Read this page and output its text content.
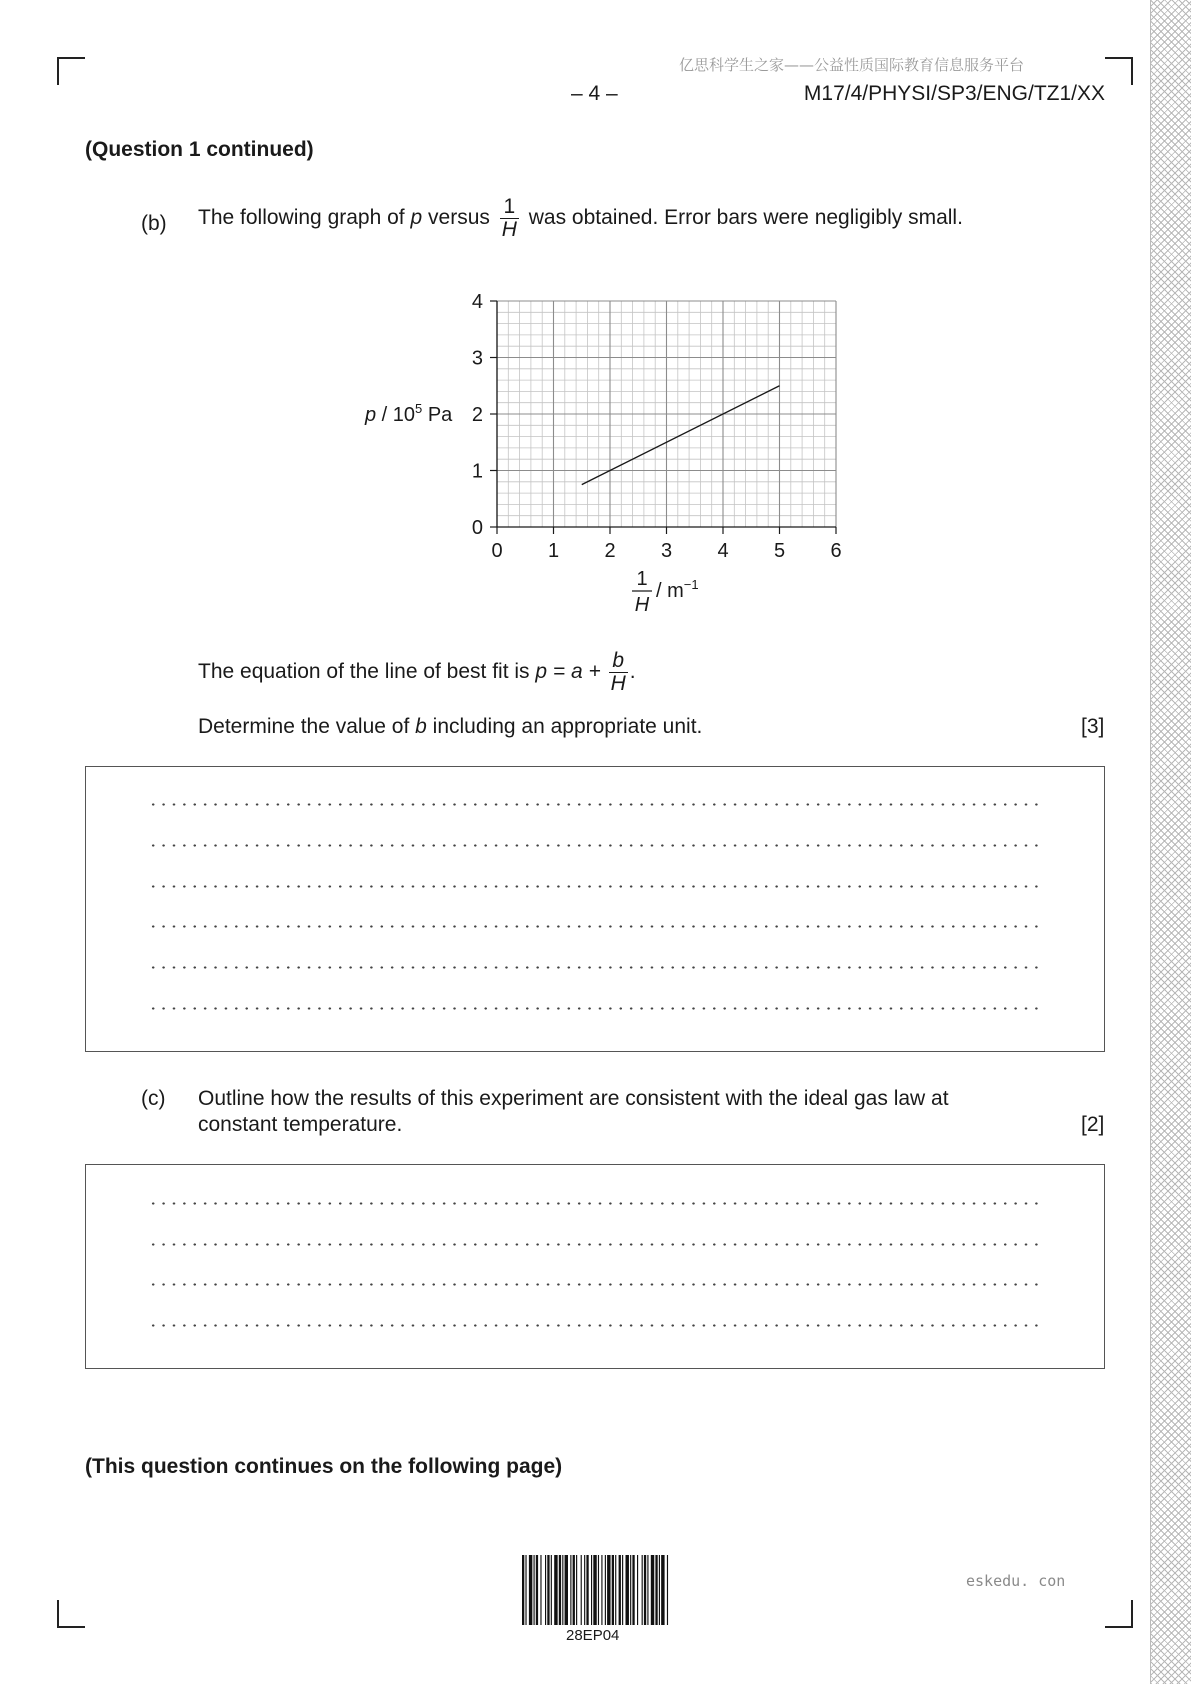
亿思科学生之家——公益性质国际教育信息服务平台
– 4 –	M17/4/PHYSI/SP3/ENG/TZ1/XX
(Question 1 continued)
(b) The following graph of p versus $\frac{1}{H}$ was obtained. Error bars were negligibly small.
0 1 2 3 4 5 6
0
1
2
3
4
p / $10^5$ Pa
1
H
/ $m^{-1}$
The equation of the line of best fit is $p = a + \frac{b}{H}$ .
Determine the value of b including an appropriate unit.	[3]
(c) Outline how the results of this experiment are consistent with the ideal gas law at
constant temperature.	[2]
(This question continues on the following page)
28EP04
eskedu. con
